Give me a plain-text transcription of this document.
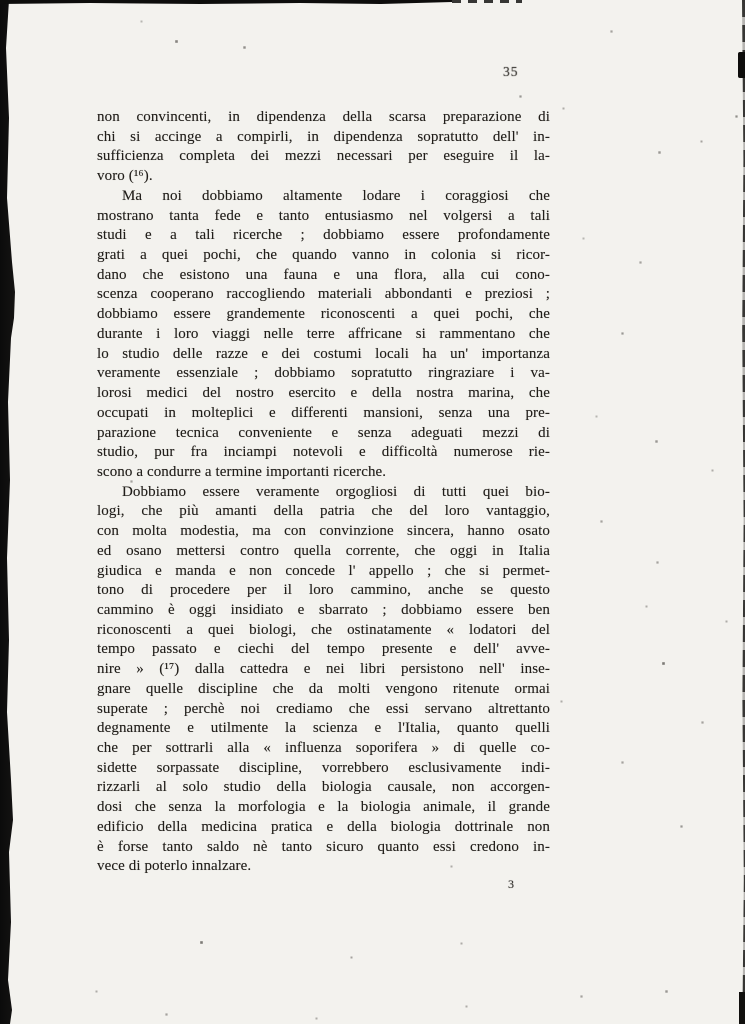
35
non convincenti, in dipendenza della scarsa preparazione di
chi si accinge a compirli, in dipendenza sopratutto dell' in-
sufficienza completa dei mezzi necessari per eseguire il la-
voro (¹⁶).
Ma noi dobbiamo altamente lodare i coraggiosi che
mostrano tanta fede e tanto entusiasmo nel volgersi a tali
studi e a tali ricerche ; dobbiamo essere profondamente
grati a quei pochi, che quando vanno in colonia si ricor-
dano che esistono una fauna e una flora, alla cui cono-
scenza cooperano raccogliendo materiali abbondanti e preziosi ;
dobbiamo essere grandemente riconoscenti a quei pochi, che
durante i loro viaggi nelle terre affricane si rammentano che
lo studio delle razze e dei costumi locali ha un' importanza
veramente essenziale ; dobbiamo sopratutto ringraziare i va-
lorosi medici del nostro esercito e della nostra marina, che
occupati in molteplici e differenti mansioni, senza una pre-
parazione tecnica conveniente e senza adeguati mezzi di
studio, pur fra inciampi notevoli e difficoltà numerose rie-
scono a condurre a termine importanti ricerche.
Dobbiamo essere veramente orgogliosi di tutti quei bio-
logi, che più amanti della patria che del loro vantaggio,
con molta modestia, ma con convinzione sincera, hanno osato
ed osano mettersi contro quella corrente, che oggi in Italia
giudica e manda e non concede l' appello ; che si permet-
tono di procedere per il loro cammino, anche se questo
cammino è oggi insidiato e sbarrato ; dobbiamo essere ben
riconoscenti a quei biologi, che ostinatamente « lodatori del
tempo passato e ciechi del tempo presente e dell' avve-
nire » (¹⁷) dalla cattedra e nei libri persistono nell' inse-
gnare quelle discipline che da molti vengono ritenute ormai
superate ; perchè noi crediamo che essi servano altrettanto
degnamente e utilmente la scienza e l'Italia, quanto quelli
che per sottrarli alla « influenza soporifera » di quelle co-
sidette sorpassate discipline, vorrebbero esclusivamente indi-
rizzarli al solo studio della biologia causale, non accorgen-
dosi che senza la morfologia e la biologia animale, il grande
edificio della medicina pratica e della biologia dottrinale non
è forse tanto saldo nè tanto sicuro quanto essi credono in-
vece di poterlo innalzare.
3
